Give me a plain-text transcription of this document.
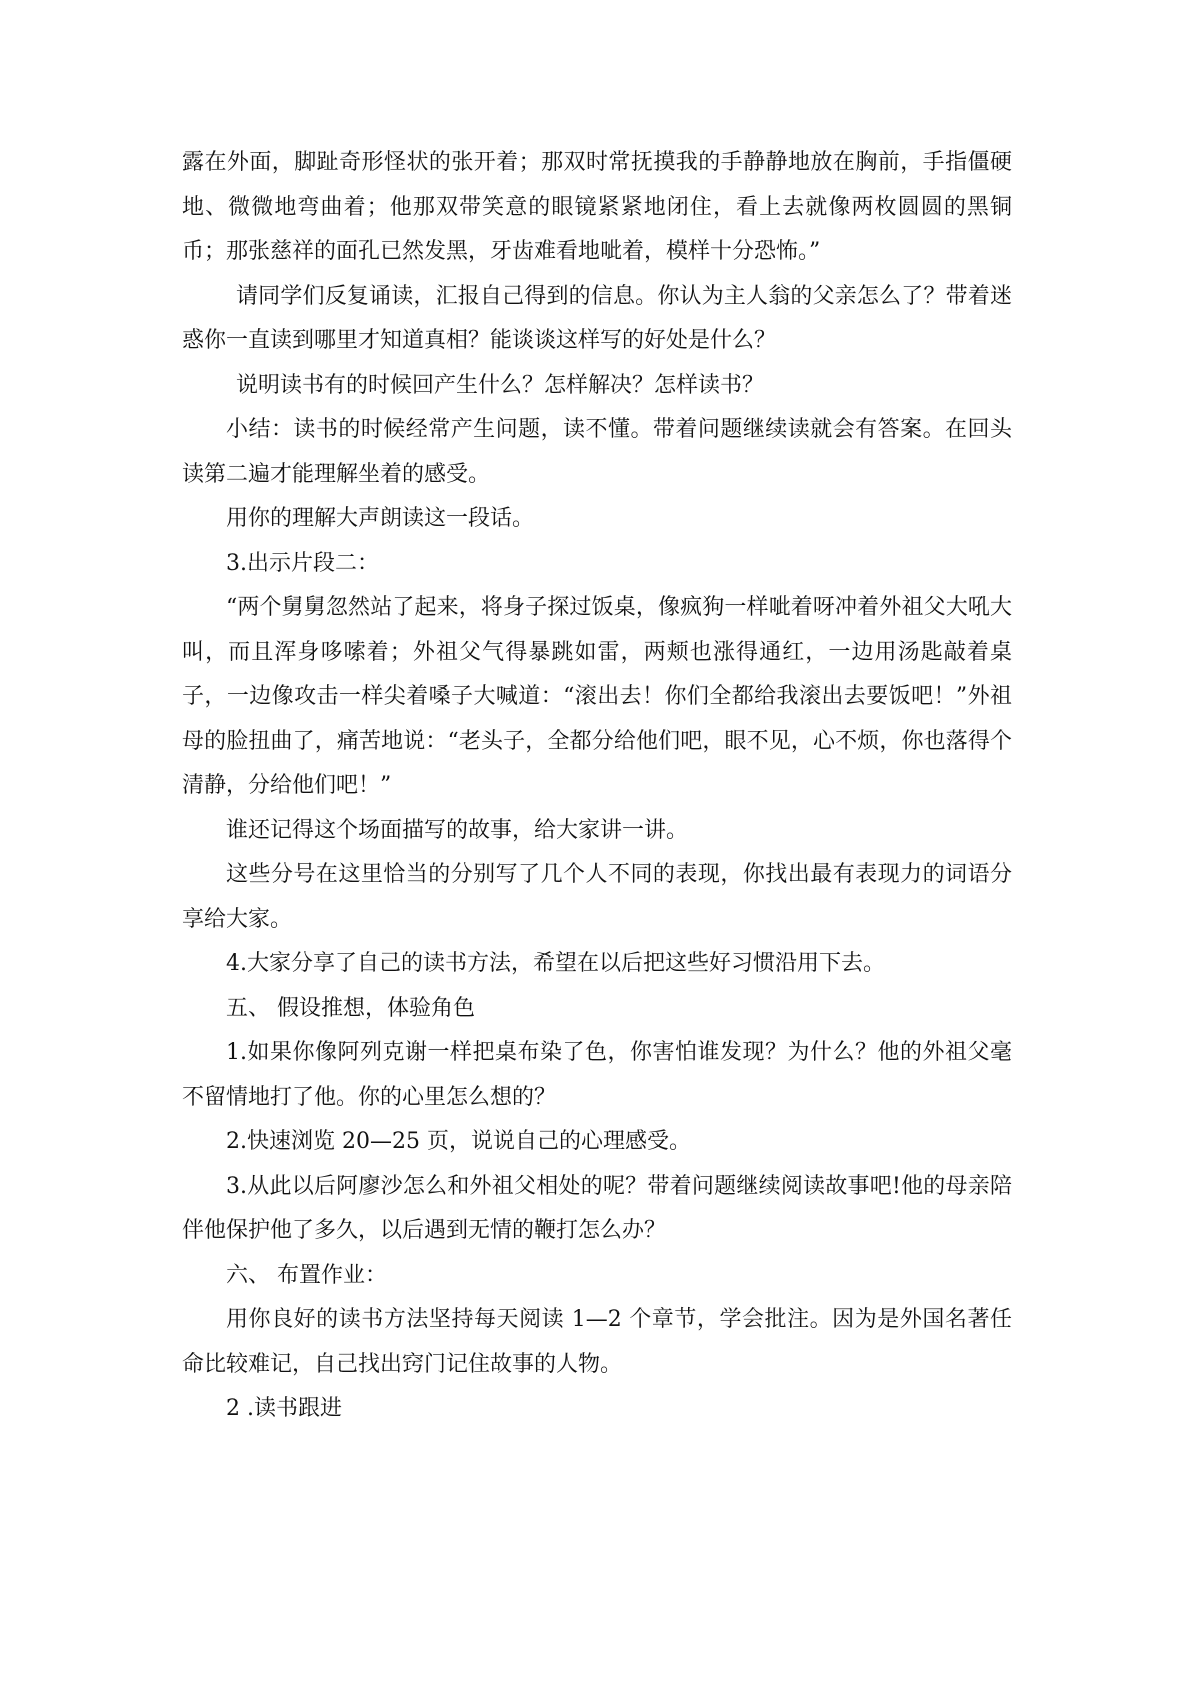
露在外面，脚趾奇形怪状的张开着；那双时常抚摸我的手静静地放在胸前，手指僵硬地、微微地弯曲着；他那双带笑意的眼镜紧紧地闭住，看上去就像两枚圆圆的黑铜币；那张慈祥的面孔已然发黑，牙齿难看地呲着，模样十分恐怖。”

请同学们反复诵读，汇报自己得到的信息。你认为主人翁的父亲怎么了？带着迷惑你一直读到哪里才知道真相？能谈谈这样写的好处是什么？

说明读书有的时候回产生什么？怎样解决？怎样读书？

小结：读书的时候经常产生问题，读不懂。带着问题继续读就会有答案。在回头读第二遍才能理解坐着的感受。

用你的理解大声朗读这一段话。

3.出示片段二：

“两个舅舅忽然站了起来，将身子探过饭桌，像疯狗一样呲着呀冲着外祖父大吼大叫，而且浑身哆嗦着；外祖父气得暴跳如雷，两颊也涨得通红，一边用汤匙敲着桌子，一边像攻击一样尖着嗓子大喊道：“滚出去！你们全都给我滚出去要饭吧！”外祖母的脸扭曲了，痛苦地说：“老头子，全都分给他们吧，眼不见，心不烦，你也落得个清静，分给他们吧！”

谁还记得这个场面描写的故事，给大家讲一讲。

这些分号在这里恰当的分别写了几个人不同的表现，你找出最有表现力的词语分享给大家。

4.大家分享了自己的读书方法，希望在以后把这些好习惯沿用下去。

五、 假设推想，体验角色

1.如果你像阿列克谢一样把桌布染了色，你害怕谁发现？为什么？他的外祖父毫不留情地打了他。你的心里怎么想的？

2.快速浏览 20—25 页，说说自己的心理感受。

3.从此以后阿廖沙怎么和外祖父相处的呢？带着问题继续阅读故事吧!他的母亲陪伴他保护他了多久，以后遇到无情的鞭打怎么办？

六、 布置作业：

用你良好的读书方法坚持每天阅读 1—2 个章节，学会批注。因为是外国名著任命比较难记，自己找出窍门记住故事的人物。

2 .读书跟进
